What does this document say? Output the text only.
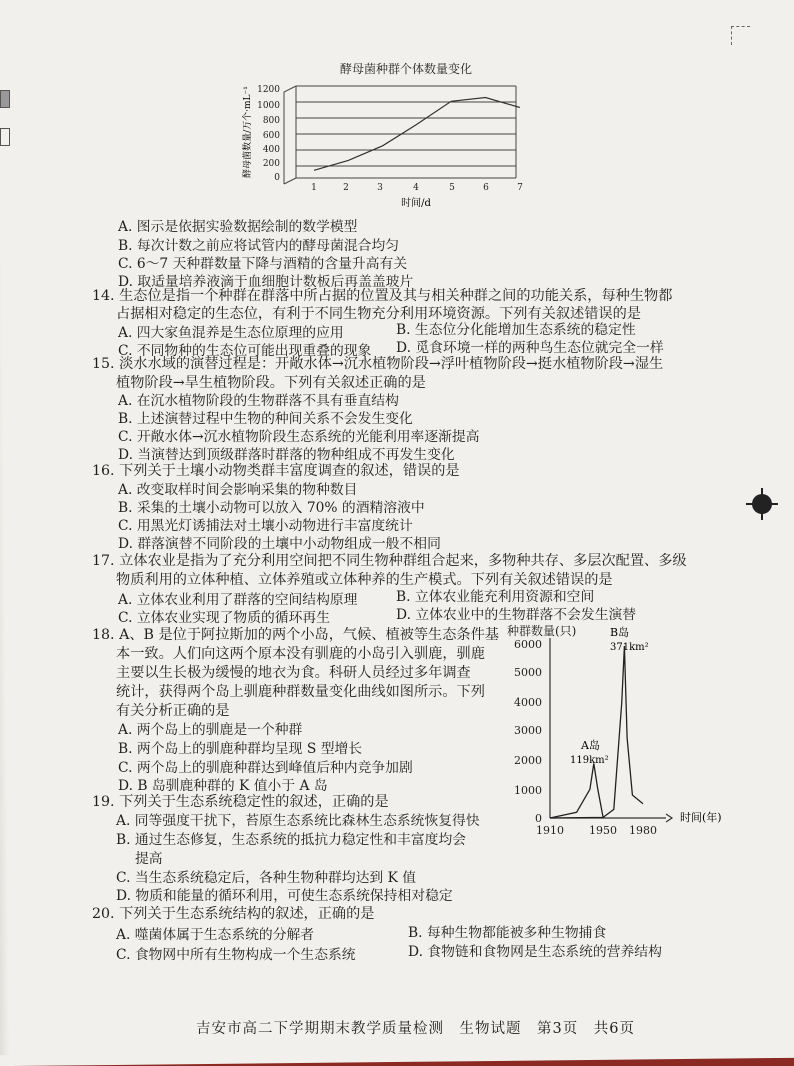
酵母菌种群个体数量变化
0
200
400
600
800
1000
1200
1	2	3	4	5	6	7
时间/d
酵母菌数量/万个·mL⁻¹
A. 图示是依据实验数据绘制的数学模型
B. 每次计数之前应将试管内的酵母菌混合均匀
C. 6～7 天种群数量下降与酒精的含量升高有关
D. 取适量培养液滴于血细胞计数板后再盖盖玻片
14. 生态位是指一个种群在群落中所占据的位置及其与相关种群之间的功能关系，每种生物都
占据相对稳定的生态位，有利于不同生物充分利用环境资源。下列有关叙述错误的是
A. 四大家鱼混养是生态位原理的应用	B. 生态位分化能增加生态系统的稳定性
C. 不同物种的生态位可能出现重叠的现象 D. 觅食环境一样的两种鸟生态位就完全一样
15. 淡水水域的演替过程是：开敞水体→沉水植物阶段→浮叶植物阶段→挺水植物阶段→湿生
植物阶段→旱生植物阶段。下列有关叙述正确的是
A. 在沉水植物阶段的生物群落不具有垂直结构
B. 上述演替过程中生物的种间关系不会发生变化
C. 开敞水体→沉水植物阶段生态系统的光能利用率逐渐提高
D. 当演替达到顶级群落时群落的物种组成不再发生变化
16. 下列关于土壤小动物类群丰富度调查的叙述，错误的是
A. 改变取样时间会影响采集的物种数目
B. 采集的土壤小动物可以放入 70% 的酒精溶液中
C. 用黑光灯诱捕法对土壤小动物进行丰富度统计
D. 群落演替不同阶段的土壤中小动物组成一般不相同
17. 立体农业是指为了充分利用空间把不同生物种群组合起来，多物种共存、多层次配置、多级
物质利用的立体种植、立体养殖或立体种养的生产模式。下列有关叙述错误的是
A. 立体农业利用了群落的空间结构原理	B. 立体农业能充利用资源和空间
C. 立体农业实现了物质的循环再生	D. 立体农业中的生物群落不会发生演替
18. A、B 是位于阿拉斯加的两个小岛，气候、植被等生态条件基
本一致。人们向这两个原本没有驯鹿的小岛引入驯鹿，驯鹿
主要以生长极为缓慢的地衣为食。科研人员经过多年调查
统计，获得两个岛上驯鹿种群数量变化曲线如图所示。下列
有关分析正确的是
A. 两个岛上的驯鹿是一个种群
B. 两个岛上的驯鹿种群均呈现 S 型增长
C. 两个岛上的驯鹿种群达到峰值后种内竞争加剧
D. B 岛驯鹿种群的 K 值小于 A 岛
种群数量(只)
0
1000
2000
3000
4000
5000
6000
1910 1950 1980
时间(年)
A岛
119km²
B岛
371km²
19. 下列关于生态系统稳定性的叙述，正确的是
A. 同等强度干扰下，苔原生态系统比森林生态系统恢复得快
B. 通过生态修复，生态系统的抵抗力稳定性和丰富度均会
提高
C. 当生态系统稳定后，各种生物种群均达到 K 值
D. 物质和能量的循环利用，可使生态系统保持相对稳定
20. 下列关于生态系统结构的叙述，正确的是
A. 噬菌体属于生态系统的分解者	B. 每种生物都能被多种生物捕食
C. 食物网中所有生物构成一个生态系统	D. 食物链和食物网是生态系统的营养结构
吉安市高二下学期期末教学质量检测　生物试题　第3页　共6页
